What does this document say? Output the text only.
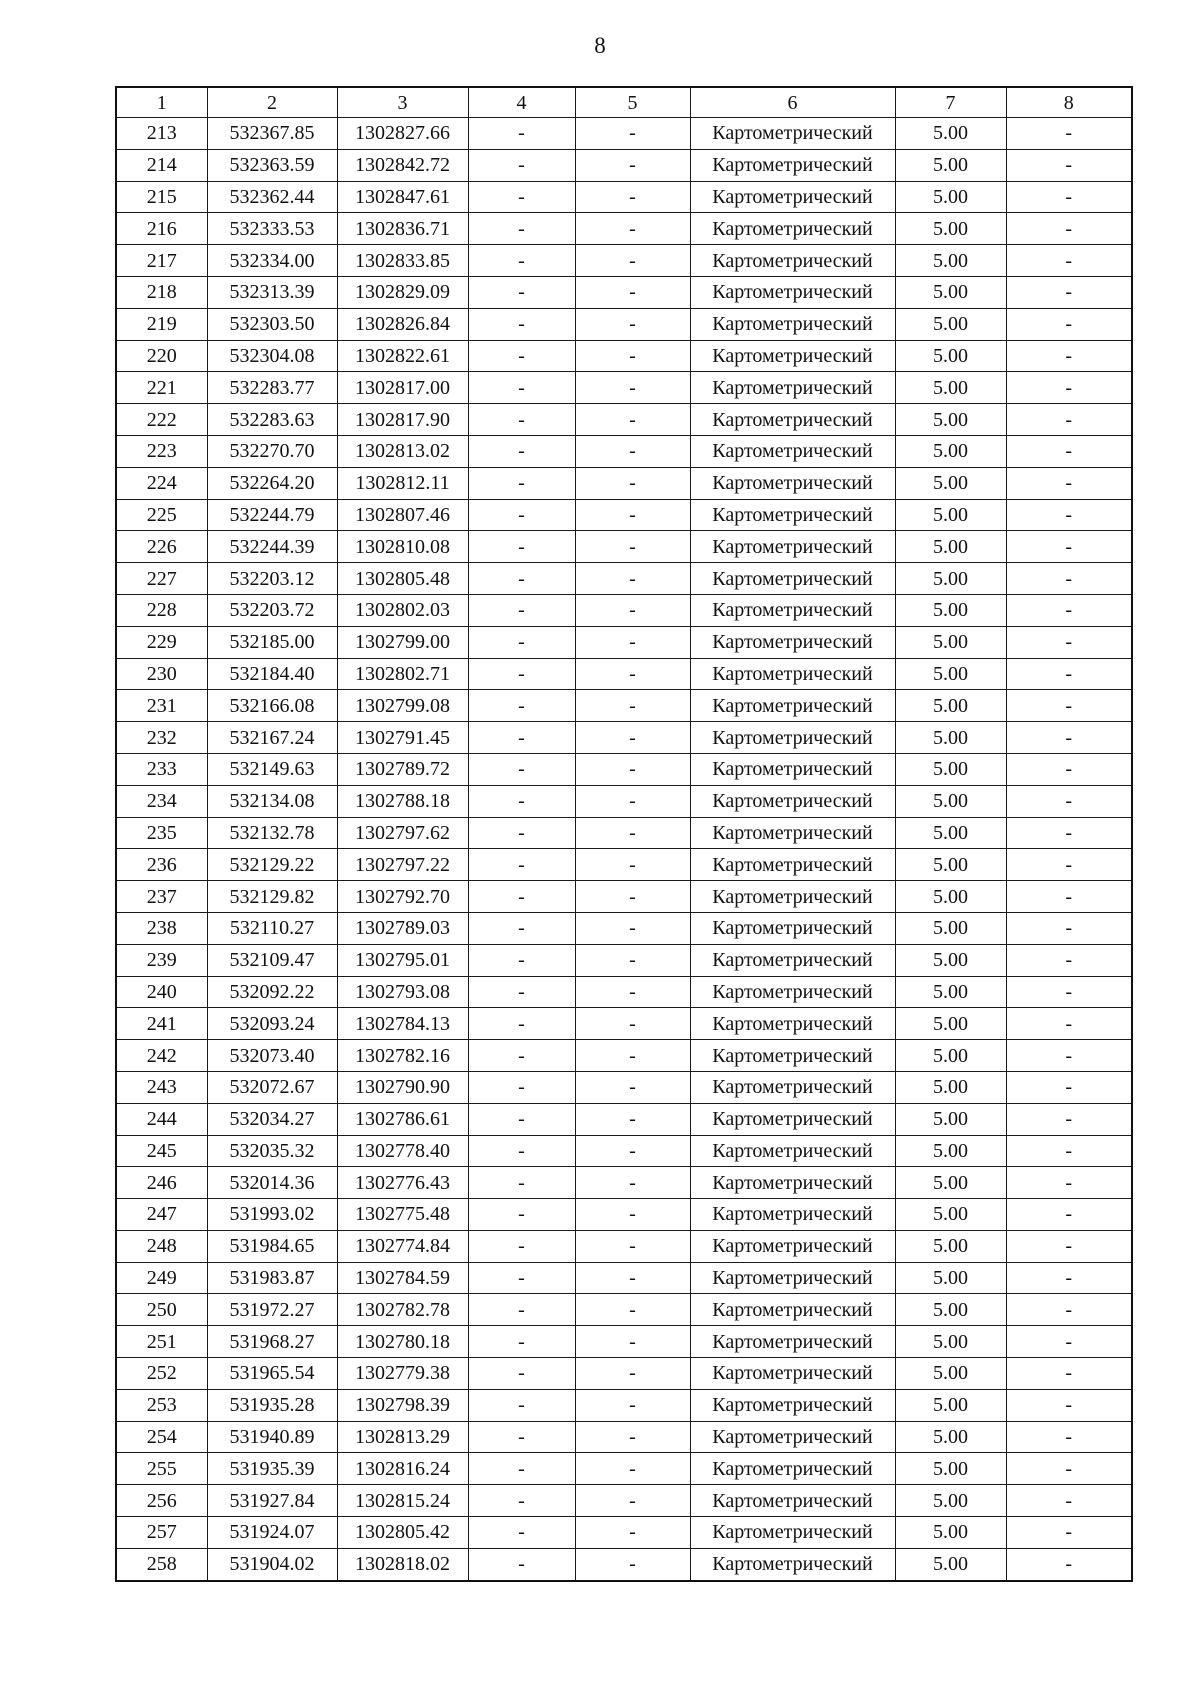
8
1	2	3	4	5	6	7	8
213	532367.85	1302827.66	-	-	Картометрический	5.00	-
214	532363.59	1302842.72	-	-	Картометрический	5.00	-
215	532362.44	1302847.61	-	-	Картометрический	5.00	-
216	532333.53	1302836.71	-	-	Картометрический	5.00	-
217	532334.00	1302833.85	-	-	Картометрический	5.00	-
218	532313.39	1302829.09	-	-	Картометрический	5.00	-
219	532303.50	1302826.84	-	-	Картометрический	5.00	-
220	532304.08	1302822.61	-	-	Картометрический	5.00	-
221	532283.77	1302817.00	-	-	Картометрический	5.00	-
222	532283.63	1302817.90	-	-	Картометрический	5.00	-
223	532270.70	1302813.02	-	-	Картометрический	5.00	-
224	532264.20	1302812.11	-	-	Картометрический	5.00	-
225	532244.79	1302807.46	-	-	Картометрический	5.00	-
226	532244.39	1302810.08	-	-	Картометрический	5.00	-
227	532203.12	1302805.48	-	-	Картометрический	5.00	-
228	532203.72	1302802.03	-	-	Картометрический	5.00	-
229	532185.00	1302799.00	-	-	Картометрический	5.00	-
230	532184.40	1302802.71	-	-	Картометрический	5.00	-
231	532166.08	1302799.08	-	-	Картометрический	5.00	-
232	532167.24	1302791.45	-	-	Картометрический	5.00	-
233	532149.63	1302789.72	-	-	Картометрический	5.00	-
234	532134.08	1302788.18	-	-	Картометрический	5.00	-
235	532132.78	1302797.62	-	-	Картометрический	5.00	-
236	532129.22	1302797.22	-	-	Картометрический	5.00	-
237	532129.82	1302792.70	-	-	Картометрический	5.00	-
238	532110.27	1302789.03	-	-	Картометрический	5.00	-
239	532109.47	1302795.01	-	-	Картометрический	5.00	-
240	532092.22	1302793.08	-	-	Картометрический	5.00	-
241	532093.24	1302784.13	-	-	Картометрический	5.00	-
242	532073.40	1302782.16	-	-	Картометрический	5.00	-
243	532072.67	1302790.90	-	-	Картометрический	5.00	-
244	532034.27	1302786.61	-	-	Картометрический	5.00	-
245	532035.32	1302778.40	-	-	Картометрический	5.00	-
246	532014.36	1302776.43	-	-	Картометрический	5.00	-
247	531993.02	1302775.48	-	-	Картометрический	5.00	-
248	531984.65	1302774.84	-	-	Картометрический	5.00	-
249	531983.87	1302784.59	-	-	Картометрический	5.00	-
250	531972.27	1302782.78	-	-	Картометрический	5.00	-
251	531968.27	1302780.18	-	-	Картометрический	5.00	-
252	531965.54	1302779.38	-	-	Картометрический	5.00	-
253	531935.28	1302798.39	-	-	Картометрический	5.00	-
254	531940.89	1302813.29	-	-	Картометрический	5.00	-
255	531935.39	1302816.24	-	-	Картометрический	5.00	-
256	531927.84	1302815.24	-	-	Картометрический	5.00	-
257	531924.07	1302805.42	-	-	Картометрический	5.00	-
258	531904.02	1302818.02	-	-	Картометрический	5.00	-
